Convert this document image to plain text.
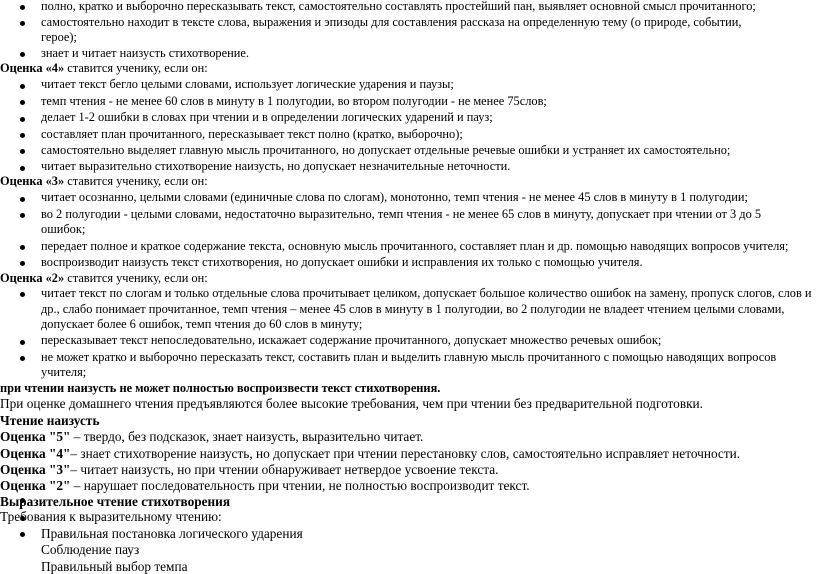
полно, кратко и выборочно пересказывать текст, самостоятельно составлять простейший пан, выявляет основной смысл прочитанного;
самостоятельно находит в тексте слова, выражения и эпизоды для составления рассказа на определенную тему (о природе, событии,
герое);
знает и читает наизусть стихотворение.
Оценка «4» ставится ученику, если он:
читает текст бегло целыми словами, использует логические ударения и паузы;
темп чтения - не менее 60 слов в минуту в 1 полугодии, во втором полугодии - не менее 75слов;
делает 1-2 ошибки в словах при чтении и в определении логических ударений и пауз;
составляет план прочитанного, пересказывает текст полно (кратко, выборочно);
самостоятельно выделяет главную мысль прочитанного, но допускает отдельные речевые ошибки и устраняет их самостоятельно;
читает выразительно стихотворение наизусть, но допускает незначительные неточности.
Оценка «3» ставится ученику, если он:
читает осознанно, целыми словами (единичные слова по слогам), монотонно, темп чтения - не менее 45 слов в минуту в 1 полугодии;
во 2 полугодии - целыми словами, недостаточно выразительно, темп чтения - не менее 65 слов в минуту, допускает при чтении от 3 до 5
ошибок;
передает полное и краткое содержание текста, основную мысль прочитанного, составляет план и др. помощью наводящих вопросов учителя;
воспроизводит наизусть текст стихотворения, но допускает ошибки и исправления их только с помощью учителя.
Оценка «2» ставится ученику, если он:
читает текст по слогам и только отдельные слова прочитывает целиком, допускает большое количество ошибок на замену, пропуск слогов, слов и
др., слабо понимает прочитанное, темп чтения – менее 45 слов в минуту в 1 полугодии, во 2 полугодии не владеет чтением целыми словами,
допускает более 6 ошибок, темп чтения до 60 слов в минуту;
пересказывает текст непоследовательно, искажает содержание прочитанного, допускает множество речевых ошибок;
не может кратко и выборочно пересказать текст, составить план и выделить главную мысль прочитанного с помощью наводящих вопросов
учителя;
при чтении наизусть не может полностью воспроизвести текст стихотворения.
При оценке домашнего чтения предъявляются более высокие требования, чем при чтении без предварительной подготовки.
Чтение наизусть
Оценка "5" – твердо, без подсказок, знает наизусть, выразительно читает.
Оценка "4"– знает стихотворение наизусть, но допускает при чтении перестановку слов, самостоятельно исправляет неточности.
Оценка "3"– читает наизусть, но при чтении обнаруживает нетвердое усвоение текста.
Оценка "2" – нарушает последовательность при чтении, не полностью воспроизводит текст.
Выразительное чтение стихотворения
Требования к выразительному чтению:
Правильная постановка логического ударения
Соблюдение пауз
Правильный выбор темпа
